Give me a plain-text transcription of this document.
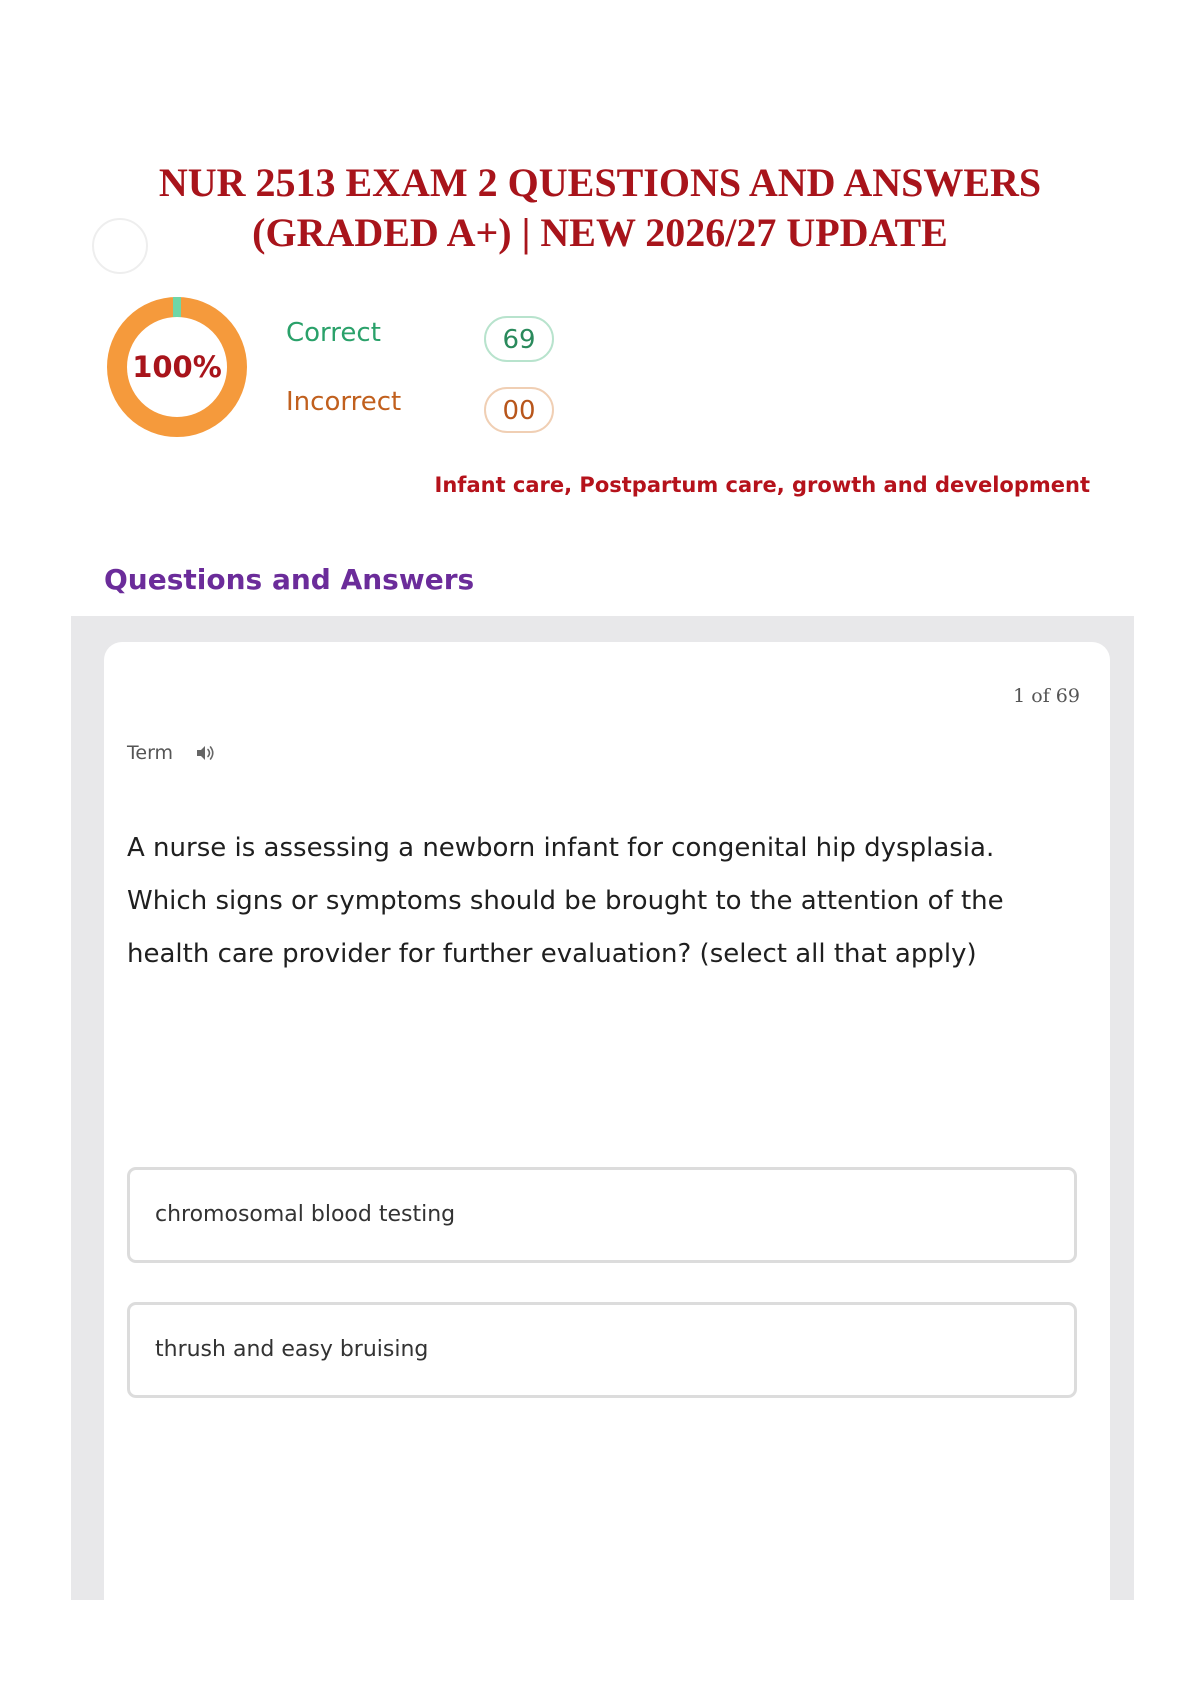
NUR 2513 EXAM 2 QUESTIONS AND ANSWERS
(GRADED A+) | NEW 2026/27 UPDATE
100%
Correct	69
Incorrect	00
Infant care, Postpartum care, growth and development
Questions and Answers
1 of 69
Term

A nurse is assessing a newborn infant for congenital hip dysplasia. Which signs or symptoms should be brought to the attention of the health care provider for further evaluation? (select all that apply)

chromosomal blood testing
thrush and easy bruising
